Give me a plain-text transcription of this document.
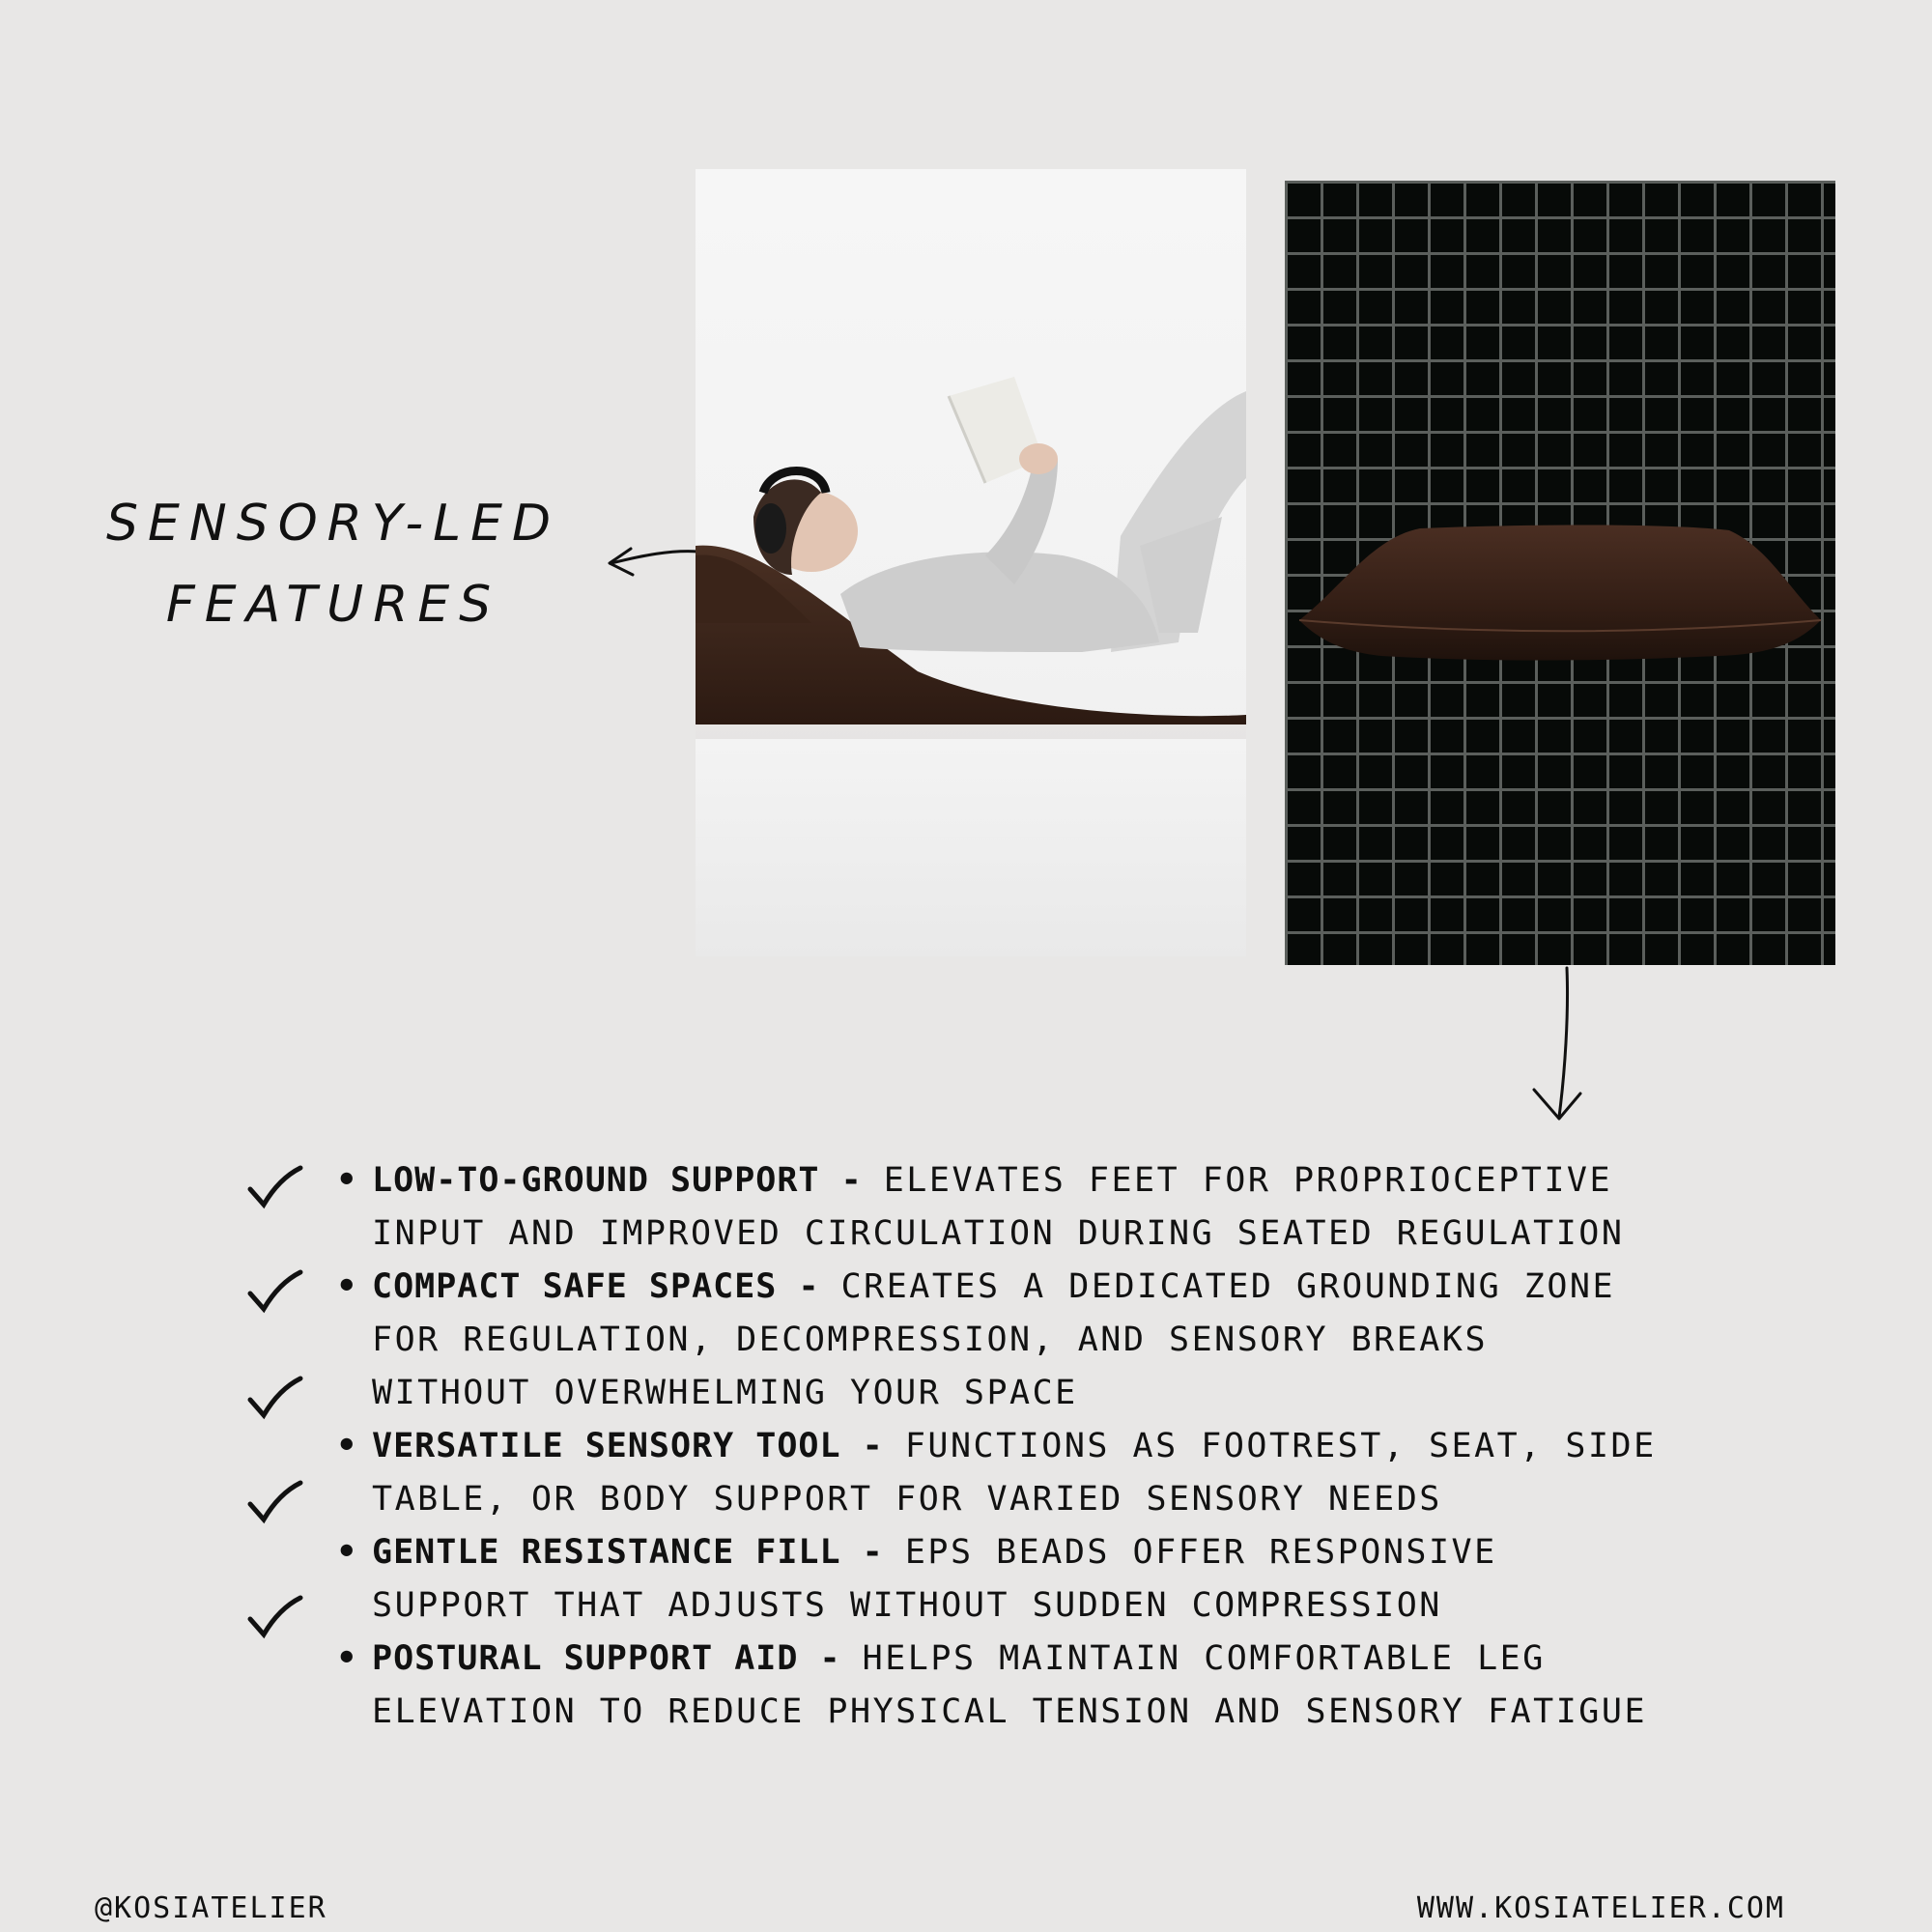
SENSORY-LED
FEATURES
• LOW-TO-GROUND SUPPORT - ELEVATES FEET FOR PROPRIOCEPTIVE INPUT AND IMPROVED CIRCULATION DURING SEATED REGULATION
• COMPACT SAFE SPACES - CREATES A DEDICATED GROUNDING ZONE FOR REGULATION, DECOMPRESSION, AND SENSORY BREAKS WITHOUT OVERWHELMING YOUR SPACE
• VERSATILE SENSORY TOOL - FUNCTIONS AS FOOTREST, SEAT, SIDE TABLE, OR BODY SUPPORT FOR VARIED SENSORY NEEDS
• GENTLE RESISTANCE FILL - EPS BEADS OFFER RESPONSIVE SUPPORT THAT ADJUSTS WITHOUT SUDDEN COMPRESSION
• POSTURAL SUPPORT AID - HELPS MAINTAIN COMFORTABLE LEG ELEVATION TO REDUCE PHYSICAL TENSION AND SENSORY FATIGUE
@KOSIATELIER	WWW.KOSIATELIER.COM
